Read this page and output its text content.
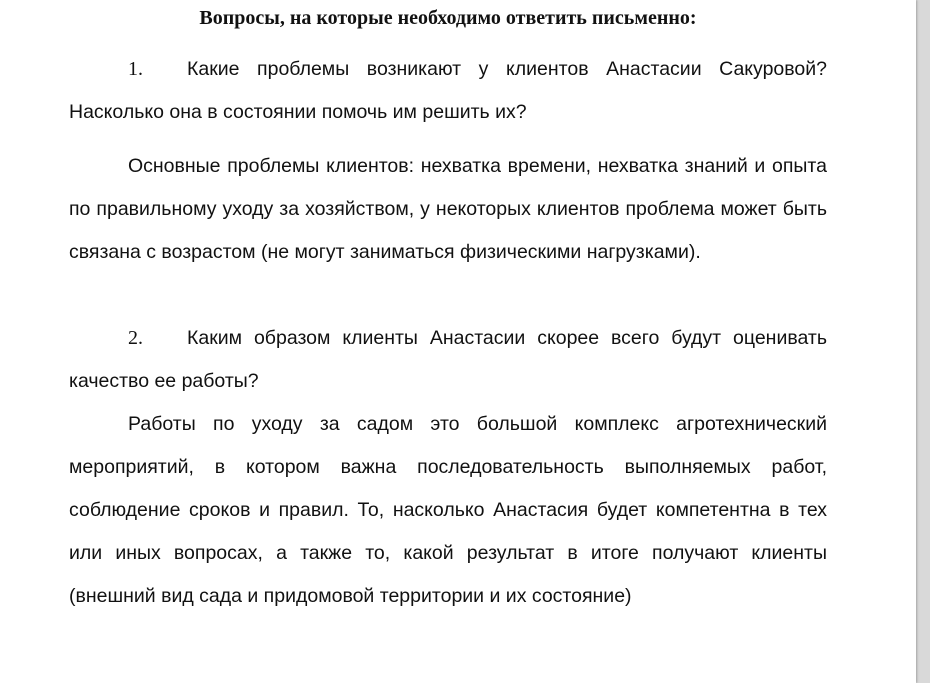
Вопросы, на которые необходимо ответить письменно:
1. Какие проблемы возникают у клиентов Анастасии Сакуровой? Насколько она в состоянии помочь им решить их?
Основные проблемы клиентов: нехватка времени, нехватка знаний и опыта по правильному уходу за хозяйством, у некоторых клиентов проблема может быть связана с возрастом (не могут заниматься физическими нагрузками).
2. Каким образом клиенты Анастасии скорее всего будут оценивать качество ее работы?
Работы по уходу за садом это большой комплекс агротехнический мероприятий, в котором важна последовательность выполняемых работ, соблюдение сроков и правил. То, насколько Анастасия будет компетентна в тех или иных вопросах, а также то, какой результат в итоге получают клиенты (внешний вид сада и придомовой территории и их состояние)
